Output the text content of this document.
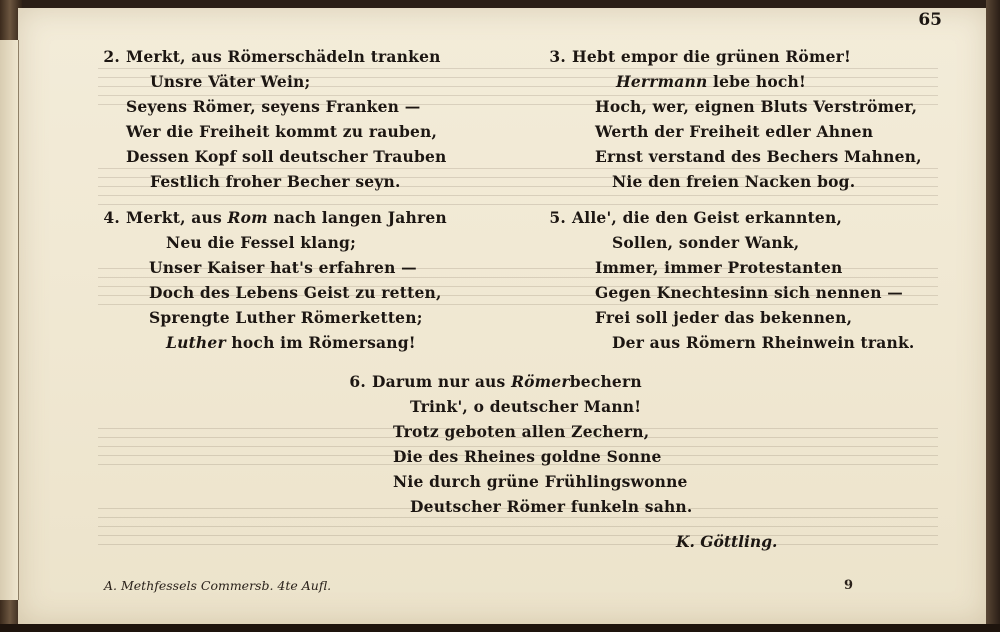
65
2. Merkt, aus Römerschädeln tranken
Unsre Väter Wein;
Seyens Römer, seyens Franken —
Wer die Freiheit kommt zu rauben,
Dessen Kopf soll deutscher Trauben
Festlich froher Becher seyn.
3. Hebt empor die grünen Römer!
Herrmann lebe hoch!
Hoch, wer, eignen Bluts Verströmer,
Werth der Freiheit edler Ahnen
Ernst verstand des Bechers Mahnen,
Nie den freien Nacken bog.
4. Merkt, aus Rom nach langen Jahren
Neu die Fessel klang;
Unser Kaiser hat's erfahren —
Doch des Lebens Geist zu retten,
Sprengte Luther Römerketten;
Luther hoch im Römersang!
5. Alle', die den Geist erkannten,
Sollen, sonder Wank,
Immer, immer Protestanten
Gegen Knechtesinn sich nennen —
Frei soll jeder das bekennen,
Der aus Römern Rheinwein trank.
6. Darum nur aus Römerbechern
Trink', o deutscher Mann!
Trotz geboten allen Zechern,
Die des Rheines goldne Sonne
Nie durch grüne Frühlingswonne
Deutscher Römer funkeln sahn.
K. Göttling.
A. Methfessels Commersb. 4te Aufl.	9
